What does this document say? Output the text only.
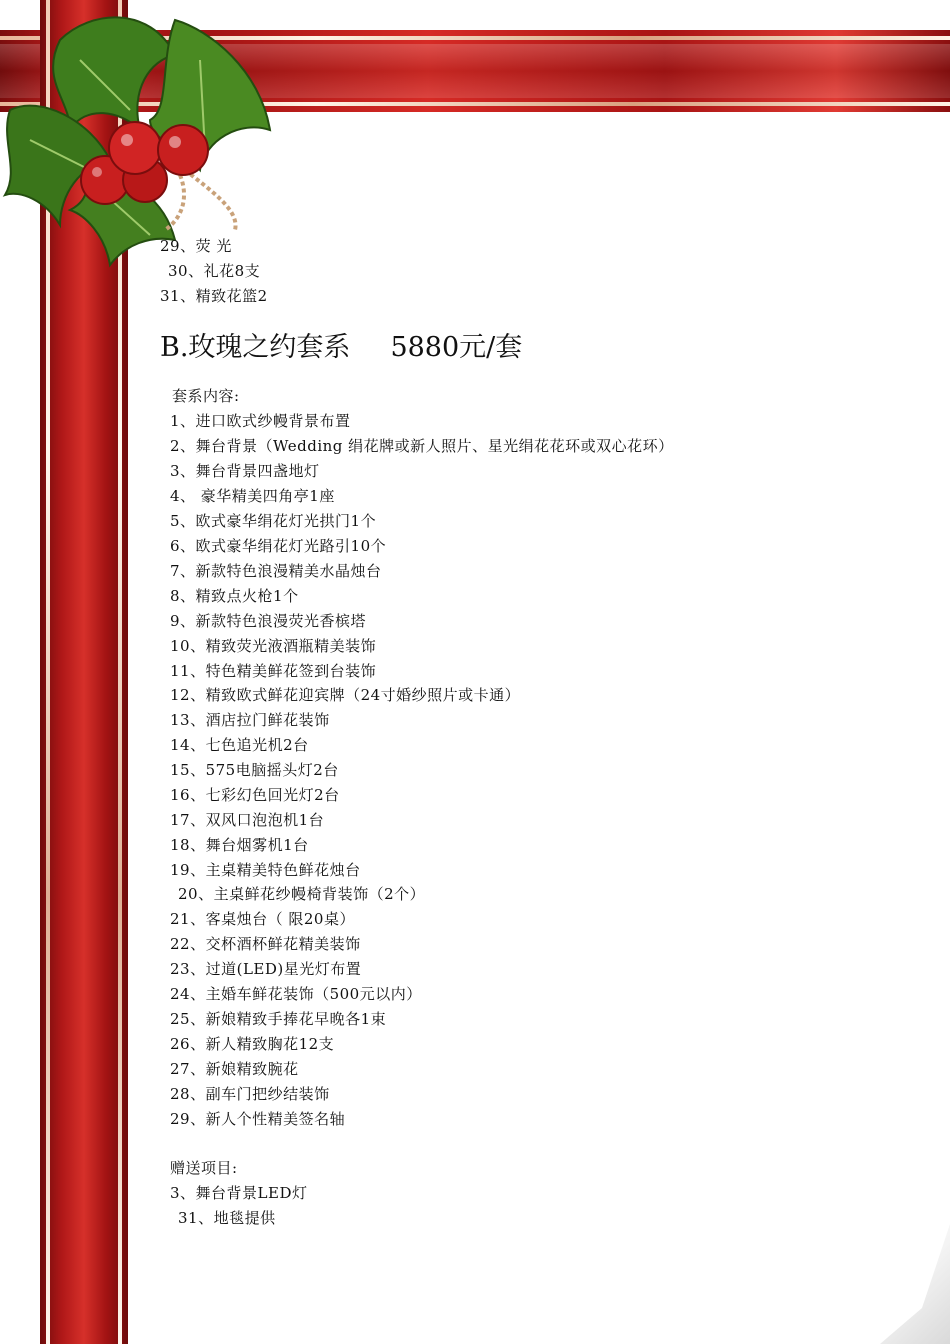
29、荧 光
30、礼花8支
31、精致花篮2
B.玫瑰之约套系 5880元/套
套系内容:
1、进口欧式纱幔背景布置
2、舞台背景（Wedding 绢花牌或新人照片、星光绢花花环或双心花环）
3、舞台背景四盏地灯
4、 豪华精美四角亭1座
5、欧式豪华绢花灯光拱门1个
6、欧式豪华绢花灯光路引10个
7、新款特色浪漫精美水晶烛台
8、精致点火枪1个
9、新款特色浪漫荧光香槟塔
10、精致荧光液酒瓶精美装饰
11、特色精美鲜花签到台装饰
12、精致欧式鲜花迎宾牌（24寸婚纱照片或卡通）
13、酒店拉门鲜花装饰
14、七色追光机2台
15、575电脑摇头灯2台
16、七彩幻色回光灯2台
17、双风口泡泡机1台
18、舞台烟雾机1台
19、主桌精美特色鲜花烛台
20、主桌鲜花纱幔椅背装饰（2个）
21、客桌烛台（ 限20桌）
22、交杯酒杯鲜花精美装饰
23、过道(LED)星光灯布置
24、主婚车鲜花装饰（500元以内）
25、新娘精致手捧花早晚各1束
26、新人精致胸花12支
27、新娘精致腕花
28、副车门把纱结装饰
29、新人个性精美签名轴
赠送项目:
3、舞台背景LED灯
31、地毯提供
